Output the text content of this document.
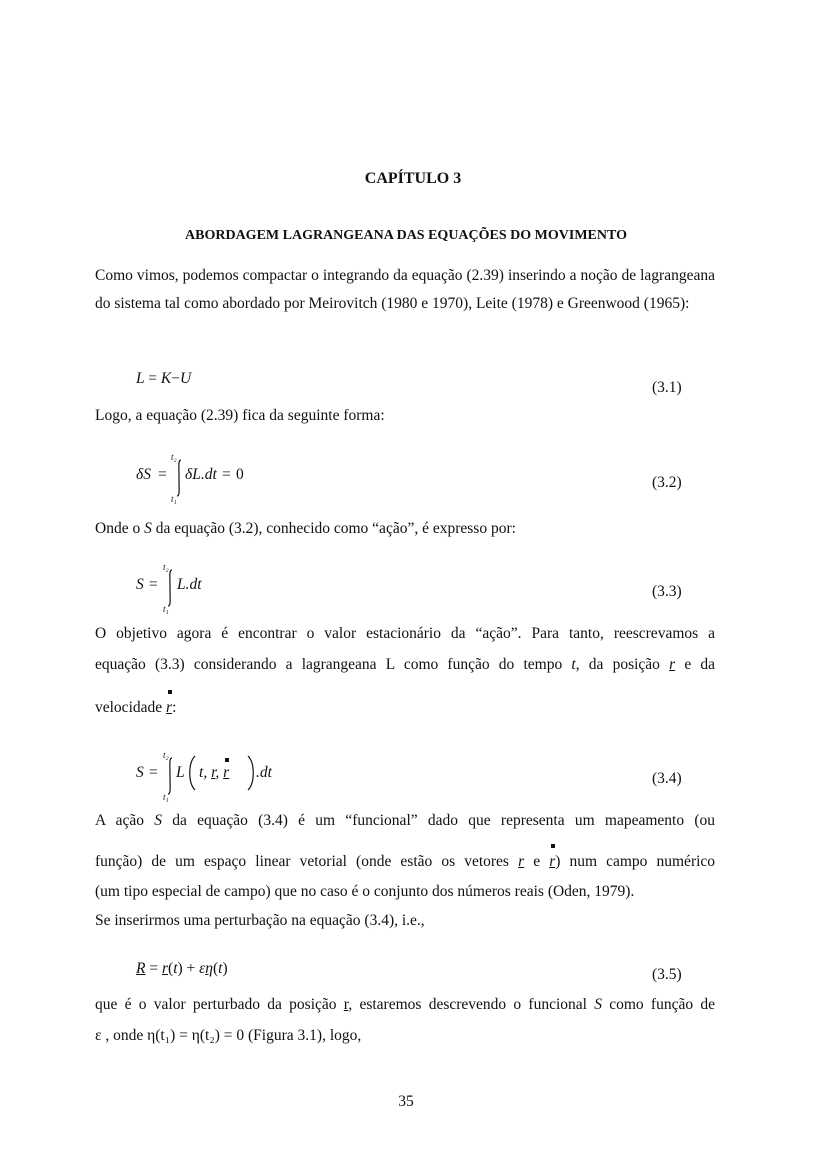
CAPÍTULO 3
ABORDAGEM LAGRANGEANA DAS EQUAÇÕES DO MOVIMENTO

Como vimos, podemos compactar o integrando da equação (2.39) inserindo a noção de lagrangeana do sistema tal como abordado por Meirovitch (1980 e 1970), Leite (1978) e Greenwood (1965):

L = K−U
(3.1)
Logo, a equação (2.39) fica da seguinte forma:
δS =
t₂
t₁
δL.dt = 0	(3.2)
Onde o S da equação (3.2), conhecido como “ação”, é expresso por:
S =
t₂
t₁
L.dt	(3.3)
O objetivo agora é encontrar o valor estacionário da “ação”. Para tanto, reescrevamos a
equação (3.3) considerando a lagrangeana L como função do tempo t, da posição r e da
velocidade r
:
S =
t₂
t₁
L t, r, r .dt	(3.4)
A ação S da equação (3.4) é um “funcional” dado que representa um mapeamento (ou
função) de um espaço linear vetorial (onde estão os vetores r e r
) num campo numérico
(um tipo especial de campo) que no caso é o conjunto dos números reais (Oden, 1979).
Se inserirmos uma perturbação na equação (3.4), i.e.,
R = r(t) + εη(t)	(3.5)
que é o valor perturbado da posição r, estaremos descrevendo o funcional S como função de
ε , onde η(t₁) = η(t₂) = 0 (Figura 3.1), logo,
35
